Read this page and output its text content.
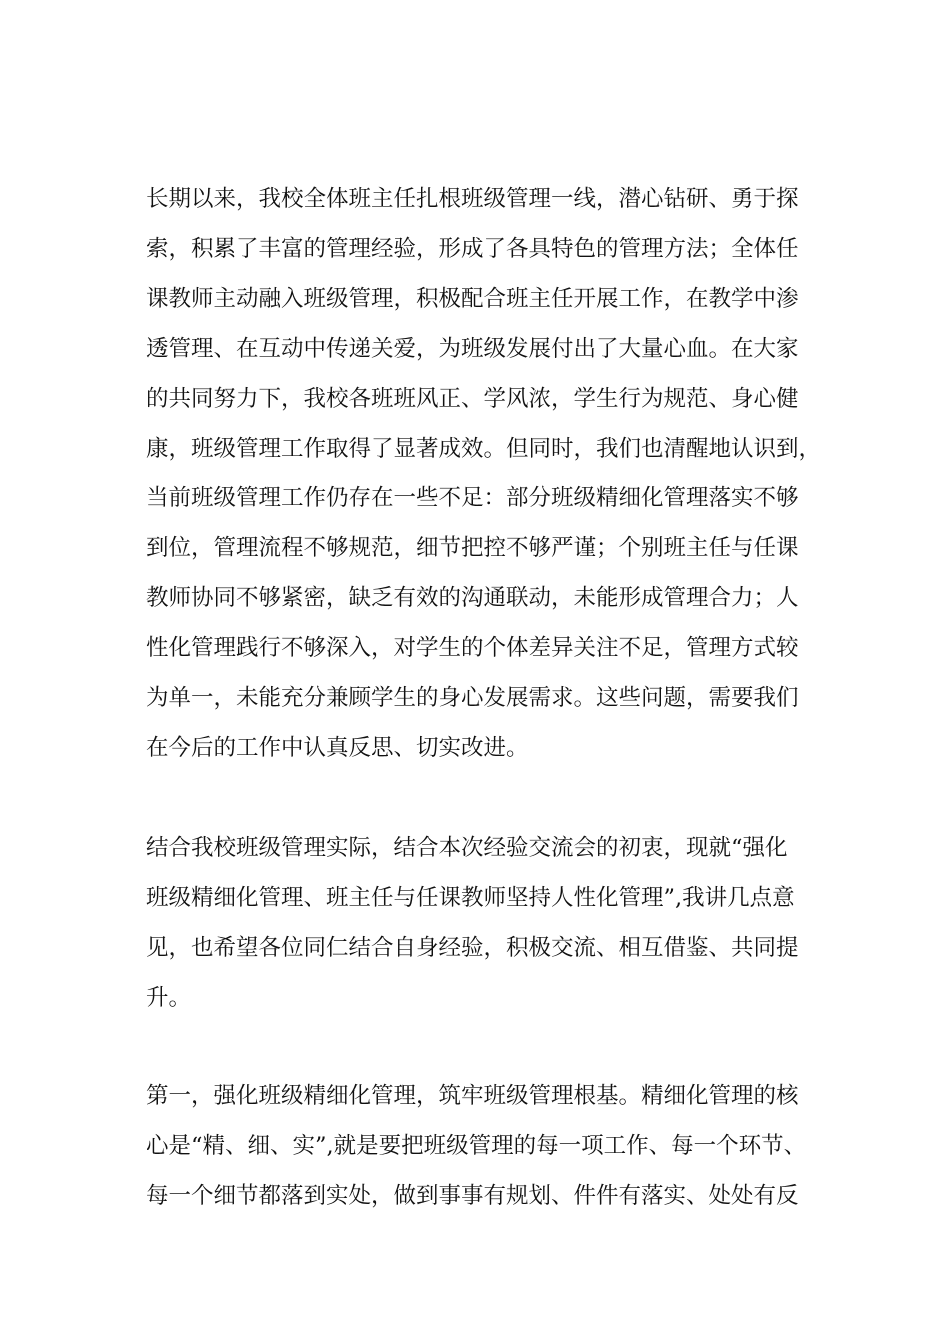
长期以来，我校全体班主任扎根班级管理一线，潜心钻研、勇于探
索，积累了丰富的管理经验，形成了各具特色的管理方法；全体任
课教师主动融入班级管理，积极配合班主任开展工作，在教学中渗
透管理、在互动中传递关爱，为班级发展付出了大量心血。在大家
的共同努力下，我校各班班风正、学风浓，学生行为规范、身心健
康，班级管理工作取得了显著成效。但同时，我们也清醒地认识到，
当前班级管理工作仍存在一些不足：部分班级精细化管理落实不够
到位，管理流程不够规范，细节把控不够严谨；个别班主任与任课
教师协同不够紧密，缺乏有效的沟通联动，未能形成管理合力；人
性化管理践行不够深入，对学生的个体差异关注不足，管理方式较
为单一，未能充分兼顾学生的身心发展需求。这些问题，需要我们
在今后的工作中认真反思、切实改进。
结合我校班级管理实际，结合本次经验交流会的初衷，现就“强化
班级精细化管理、班主任与任课教师坚持人性化管理”,我讲几点意
见，也希望各位同仁结合自身经验，积极交流、相互借鉴、共同提
升。
第一，强化班级精细化管理，筑牢班级管理根基。精细化管理的核
心是“精、细、实”,就是要把班级管理的每一项工作、每一个环节、
每一个细节都落到实处，做到事事有规划、件件有落实、处处有反
